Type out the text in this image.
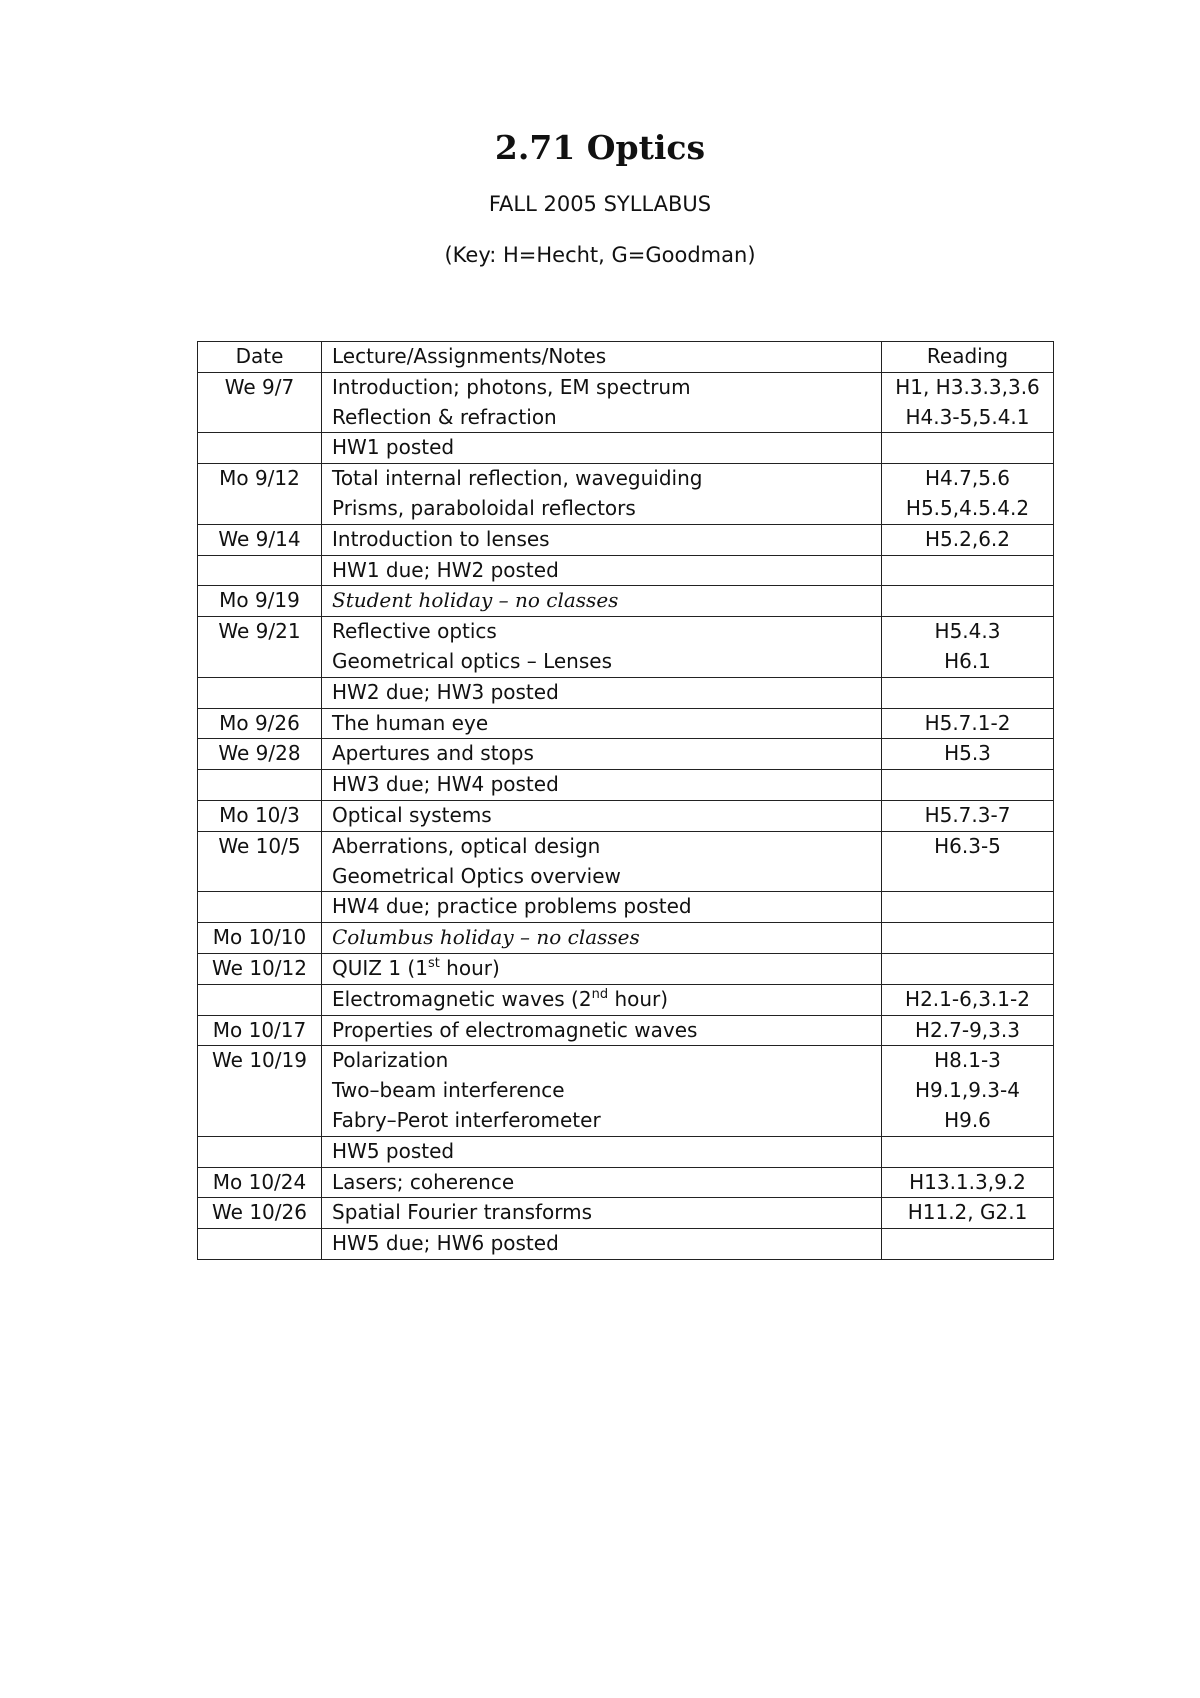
2.71 Optics
FALL 2005 SYLLABUS
(Key: H=Hecht, G=Goodman)
Date	Lecture/Assignments/Notes	Reading
We 9/7	Introduction; photons, EM spectrum	H1, H3.3.3,3.6
	Reflection & refraction	H4.3-5,5.4.1
	HW1 posted	
Mo 9/12	Total internal reflection, waveguiding	H4.7,5.6
	Prisms, paraboloidal reflectors	H5.5,4.5.4.2
We 9/14	Introduction to lenses	H5.2,6.2
	HW1 due; HW2 posted	
Mo 9/19	Student holiday – no classes	
We 9/21	Reflective optics	H5.4.3
	Geometrical optics – Lenses	H6.1
	HW2 due; HW3 posted	
Mo 9/26	The human eye	H5.7.1-2
We 9/28	Apertures and stops	H5.3
	HW3 due; HW4 posted	
Mo 10/3	Optical systems	H5.7.3-7
We 10/5	Aberrations, optical design	H6.3-5
	Geometrical Optics overview	
	HW4 due; practice problems posted	
Mo 10/10	Columbus holiday – no classes	
We 10/12	QUIZ 1 (1st hour)	
	Electromagnetic waves (2nd hour)	H2.1-6,3.1-2
Mo 10/17	Properties of electromagnetic waves	H2.7-9,3.3
We 10/19	Polarization	H8.1-3
	Two–beam interference	H9.1,9.3-4
	Fabry–Perot interferometer	H9.6
	HW5 posted	
Mo 10/24	Lasers; coherence	H13.1.3,9.2
We 10/26	Spatial Fourier transforms	H11.2, G2.1
	HW5 due; HW6 posted	
